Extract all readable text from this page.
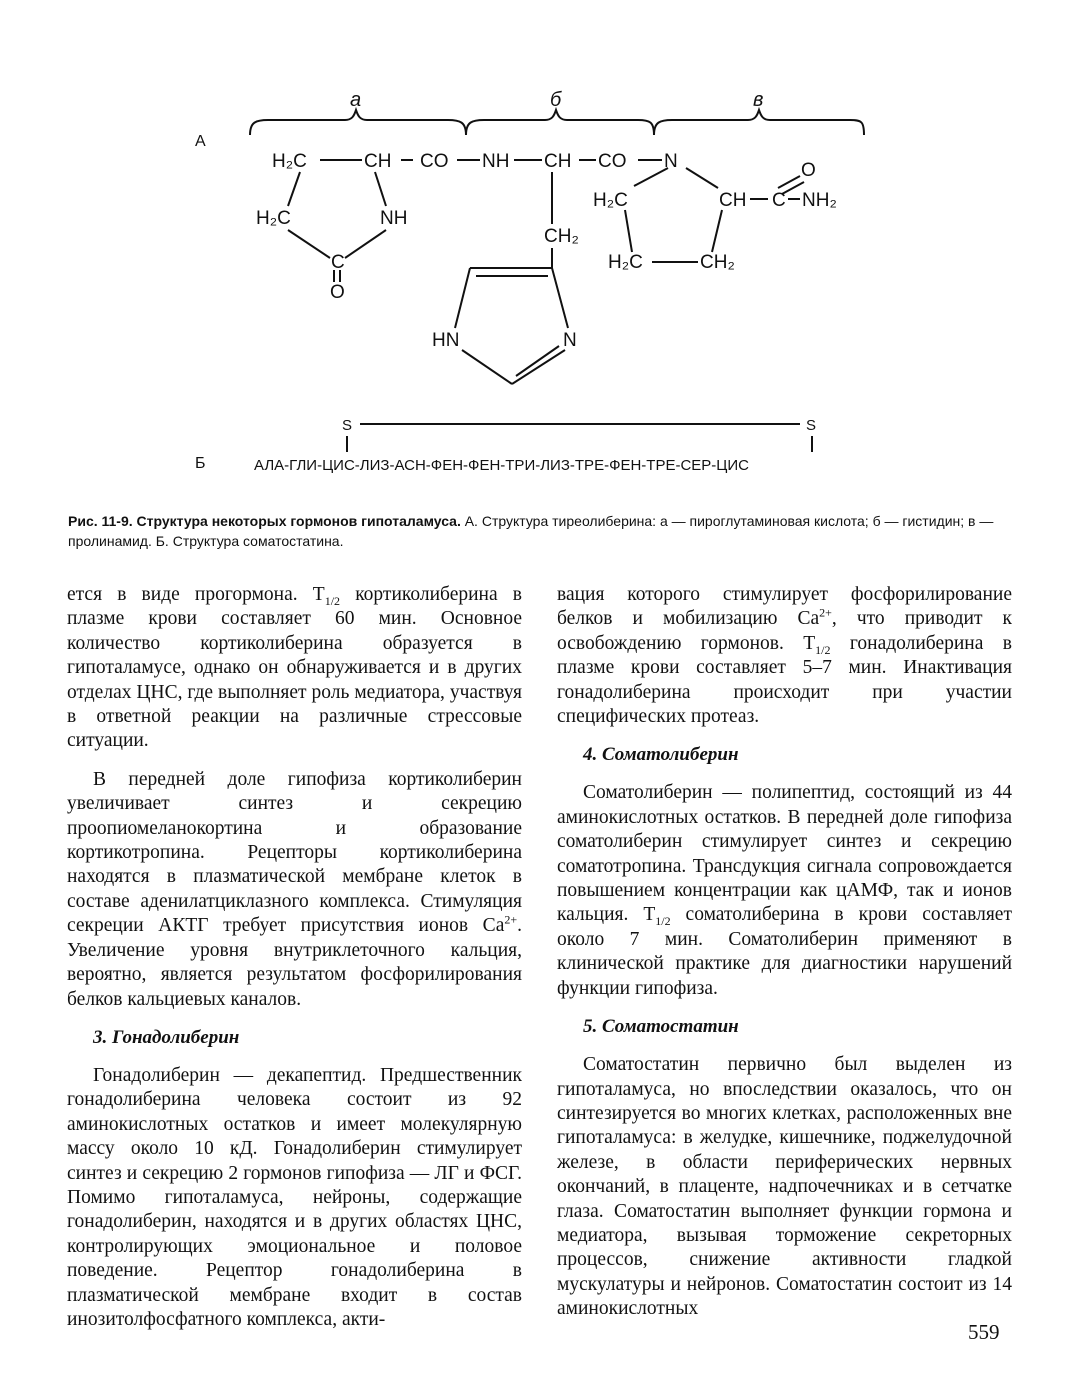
А
Б
а	б	в
H₂C	CH CO NH CH CO N
H₂C	NH
C
O
CH₂
HN	N
H₂C	CH C NH₂
O
H₂C	CH₂
S	S
АЛА-ГЛИ-ЦИС-ЛИЗ-АСН-ФЕН-ФЕН-ТРИ-ЛИЗ-ТРЕ-ФЕН-ТРЕ-СЕР-ЦИС
Рис. 11-9. Структура некоторых гормонов гипоталамуса. А. Структура тиреолиберина: а — пироглутаминовая кислота; б — гистидин; в — пролинамид. Б. Структура соматостатина.

ется в виде прогормона. $T_{1/2}$ кортиколиберина в плазме крови составляет 60 мин. Основное количество кортиколиберина образуется в гипоталамусе, однако он обнаруживается и в других отделах ЦНС, где выполняет роль медиатора, участвуя в ответной реакции на различные стрессовые ситуации.

В передней доле гипофиза кортиколиберин увеличивает синтез и секрецию проопиомеланокортина и образование кортикотропина. Рецепторы кортиколиберина находятся в плазматической мембране клеток в составе аденилатциклазного комплекса. Стимуляция секреции АКТГ требует присутствия ионов $Ca^{2+}$. Увеличение уровня внутриклеточного кальция, вероятно, является результатом фосфорилирования белков кальциевых каналов.

3. Гонадолиберин

Гонадолиберин — декапептид. Предшественник гонадолиберина человека состоит из 92 аминокислотных остатков и имеет молекулярную массу около 10 кД. Гонадолиберин стимулирует синтез и секрецию 2 гормонов гипофиза — ЛГ и ФСГ. Помимо гипоталамуса, нейроны, содержащие гонадолиберин, находятся и в других областях ЦНС, контролирующих эмоциональное и половое поведение. Рецептор гонадолиберина в плазматической мембране входит в состав инозитолфосфатного комплекса, акти-

вация которого стимулирует фосфорилирование белков и мобилизацию $Ca^{2+}$, что приводит к освобождению гормонов. $T_{1/2}$ гонадолиберина в плазме крови составляет 5–7 мин. Инактивация гонадолиберина происходит при участии специфических протеаз.

4. Соматолиберин

Соматолиберин — полипептид, состоящий из 44 аминокислотных остатков. В передней доле гипофиза соматолиберин стимулирует синтез и секрецию соматотропина. Трансдукция сигнала сопровождается повышением концентрации как цАМФ, так и ионов кальция. $T_{1/2}$ соматолиберина в крови составляет около 7 мин. Соматолиберин применяют в клинической практике для диагностики нарушений функции гипофиза.

5. Соматостатин

Соматостатин первично был выделен из гипоталамуса, но впоследствии оказалось, что он синтезируется во многих клетках, расположенных вне гипоталамуса: в желудке, кишечнике, поджелудочной железе, в области периферических нервных окончаний, в плаценте, надпочечниках и в сетчатке глаза. Соматостатин выполняет функции гормона и медиатора, вызывая торможение секреторных процессов, снижение активности гладкой мускулатуры и нейронов. Соматостатин состоит из 14 аминокислотных

559
